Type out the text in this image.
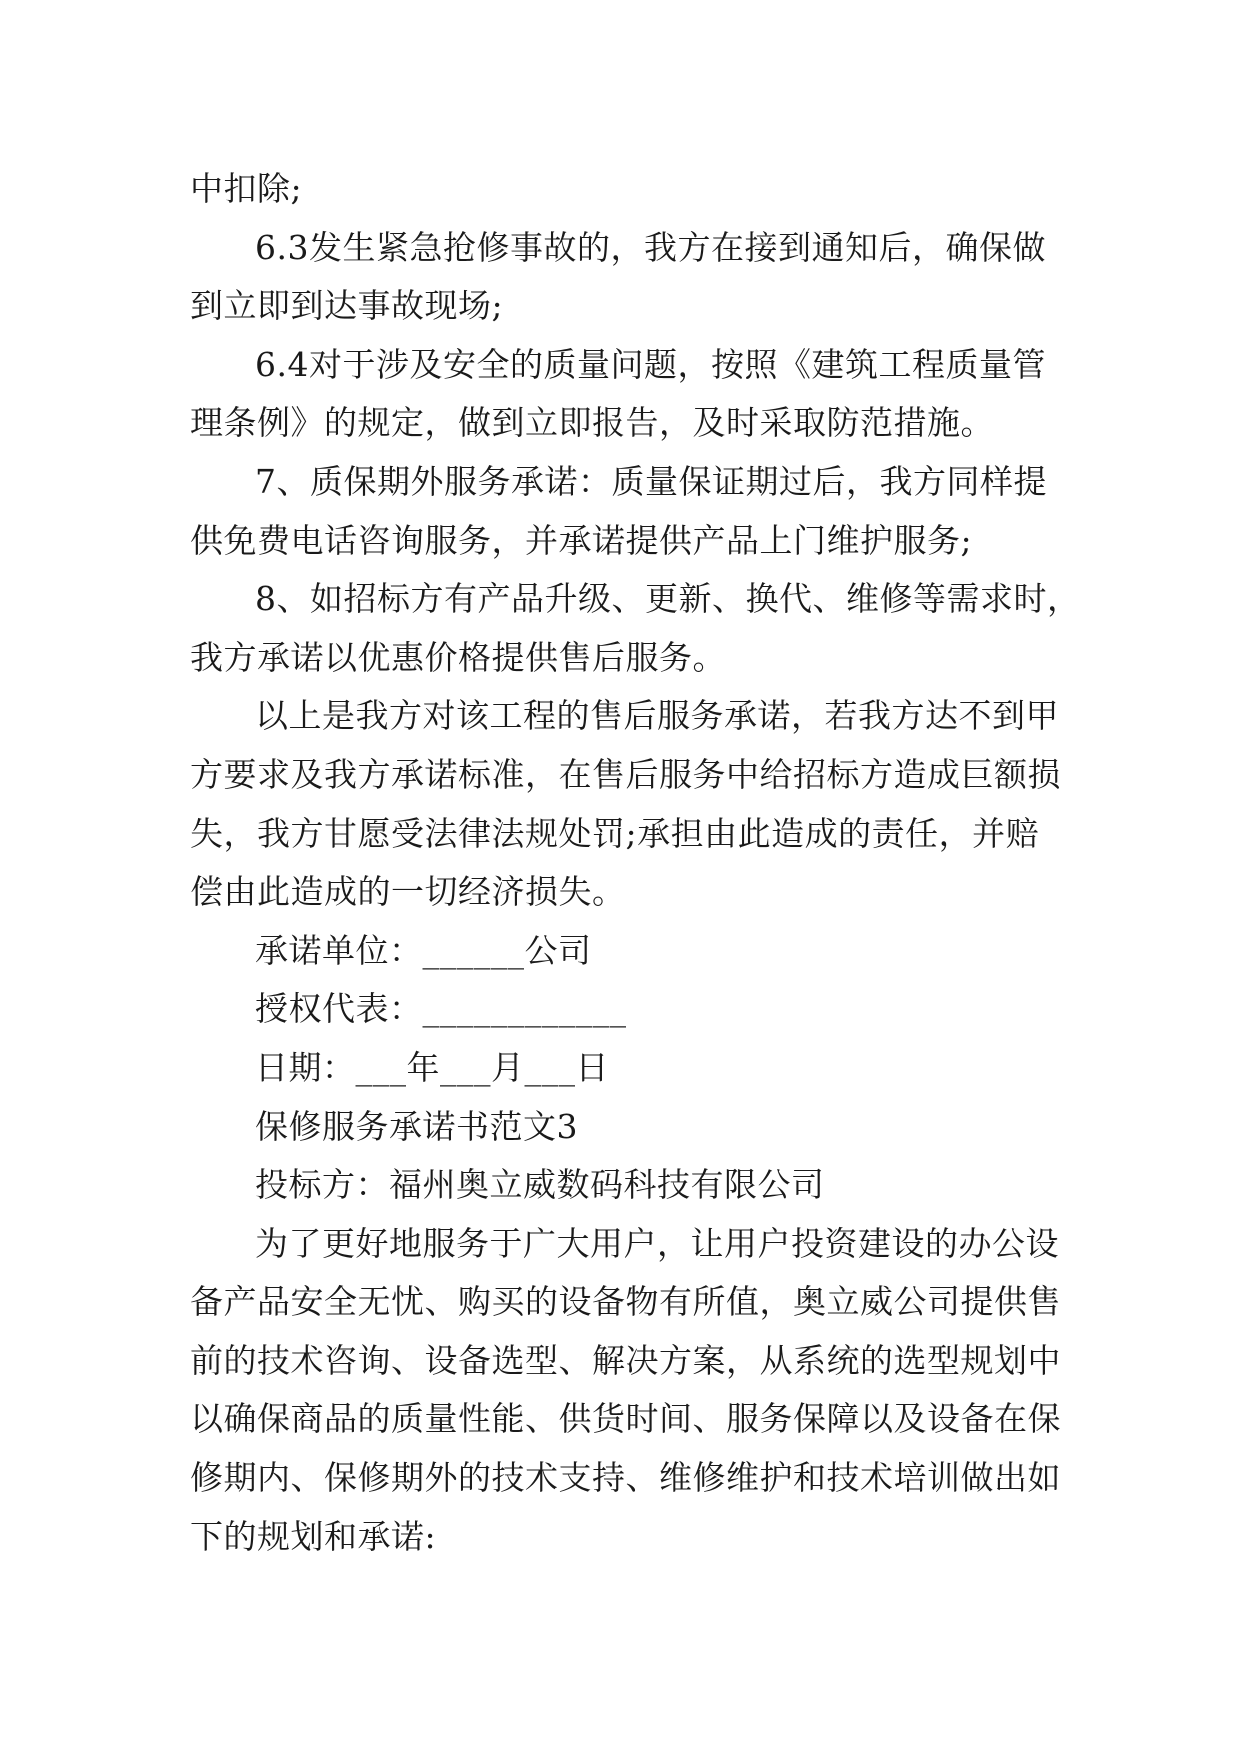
中扣除;
6.3发生紧急抢修事故的，我方在接到通知后，确保做
到立即到达事故现场;
6.4对于涉及安全的质量问题，按照《建筑工程质量管
理条例》的规定，做到立即报告，及时采取防范措施。
7、质保期外服务承诺：质量保证期过后，我方同样提
供免费电话咨询服务，并承诺提供产品上门维护服务;
8、如招标方有产品升级、更新、换代、维修等需求时，
我方承诺以优惠价格提供售后服务。
以上是我方对该工程的售后服务承诺，若我方达不到甲
方要求及我方承诺标准，在售后服务中给招标方造成巨额损
失，我方甘愿受法律法规处罚;承担由此造成的责任，并赔
偿由此造成的一切经济损失。
承诺单位：______公司
授权代表：____________
日期：___年___月___日
保修服务承诺书范文3
投标方：福州奥立威数码科技有限公司
为了更好地服务于广大用户，让用户投资建设的办公设
备产品安全无忧、购买的设备物有所值，奥立威公司提供售
前的技术咨询、设备选型、解决方案，从系统的选型规划中
以确保商品的质量性能、供货时间、服务保障以及设备在保
修期内、保修期外的技术支持、维修维护和技术培训做出如
下的规划和承诺:
